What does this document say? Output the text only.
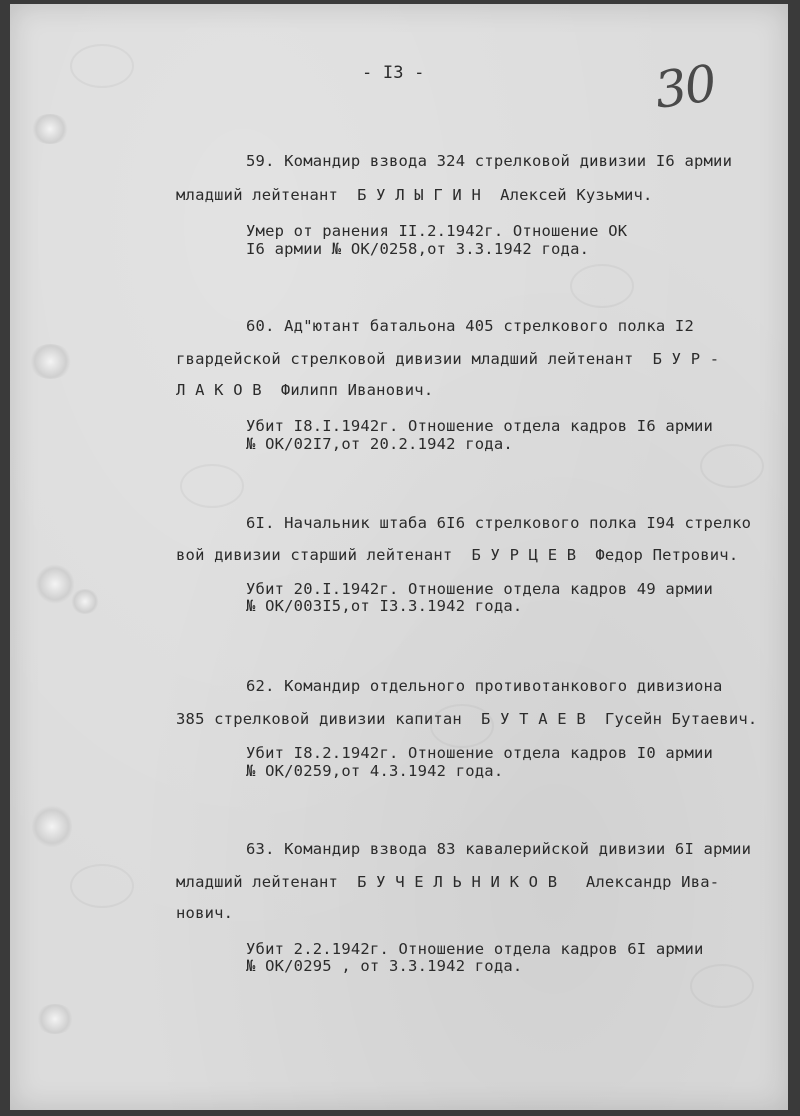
- I3 -	30
59. Командир взвода 324 стрелковой дивизии I6 армии
младший лейтенант  Б У Л Ы Г И Н  Алексей Кузьмич.
Умер от ранения II.2.1942г. Отношение ОК
I6 армии № ОК/0258,от 3.3.1942 года.
60. Ад"ютант батальона 405 стрелкового полка I2
гвардейской стрелковой дивизии младший лейтенант  Б У Р -
Л А К О В  Филипп Иванович.
Убит I8.I.1942г. Отношение отдела кадров I6 армии
№ ОК/02I7,от 20.2.1942 года.
6I. Начальник штаба 6I6 стрелкового полка I94 стрелко
вой дивизии старший лейтенант  Б У Р Ц Е В  Федор Петрович.
Убит 20.I.1942г. Отношение отдела кадров 49 армии
№ ОК/003I5,от I3.3.1942 года.
62. Командир отдельного противотанкового дивизиона
385 стрелковой дивизии капитан  Б У Т А Е В  Гусейн Бутаевич.
Убит I8.2.1942г. Отношение отдела кадров I0 армии
№ ОК/0259,от 4.3.1942 года.
63. Командир взвода 83 кавалерийской дивизии 6I армии
младший лейтенант  Б У Ч Е Л Ь Н И К О В   Александр Ива-
нович.
Убит 2.2.1942г. Отношение отдела кадров 6I армии
№ ОК/0295 , от 3.3.1942 года.
